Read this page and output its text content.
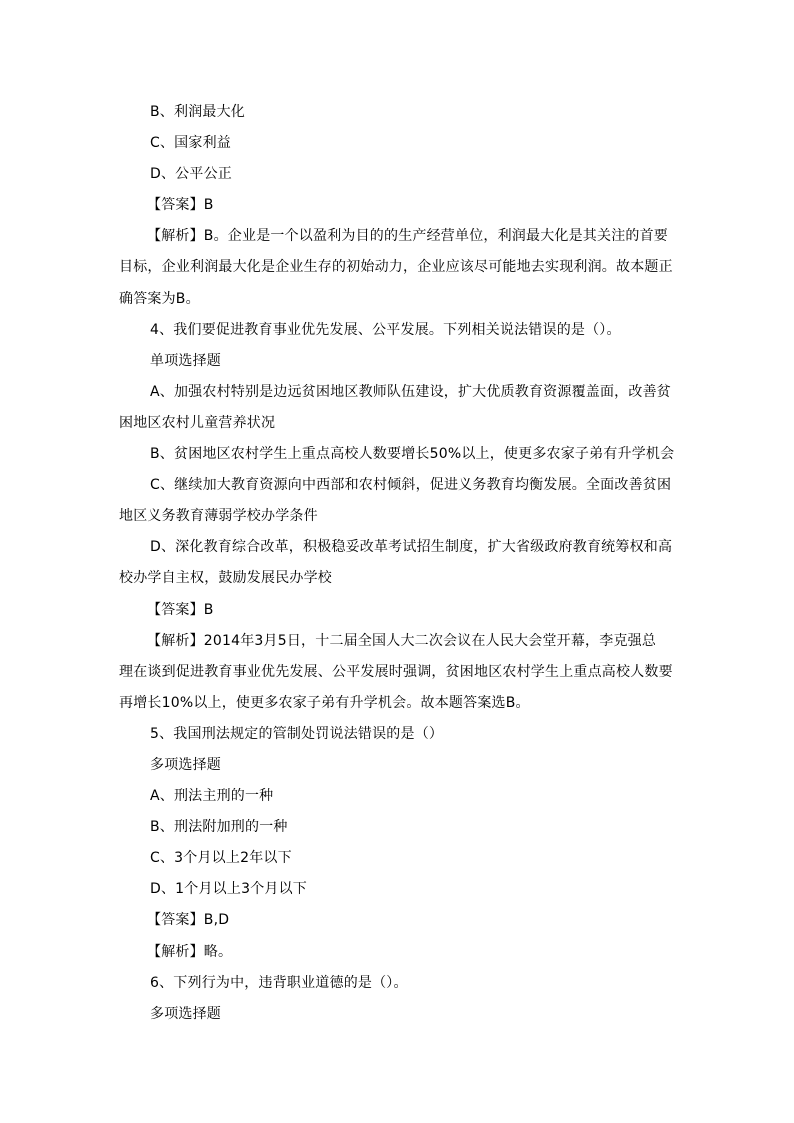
B、利润最大化
C、国家利益
D、公平公正
【答案】B
【解析】B。企业是一个以盈利为目的的生产经营单位，利润最大化是其关注的首要
目标，企业利润最大化是企业生存的初始动力，企业应该尽可能地去实现利润。故本题正
确答案为B。
4、我们要促进教育事业优先发展、公平发展。下列相关说法错误的是（）。
单项选择题
A、加强农村特别是边远贫困地区教师队伍建设，扩大优质教育资源覆盖面，改善贫
困地区农村儿童营养状况
B、贫困地区农村学生上重点高校人数要增长50%以上，使更多农家子弟有升学机会
C、继续加大教育资源向中西部和农村倾斜，促进义务教育均衡发展。全面改善贫困
地区义务教育薄弱学校办学条件
D、深化教育综合改革，积极稳妥改革考试招生制度，扩大省级政府教育统筹权和高
校办学自主权，鼓励发展民办学校
【答案】B
【解析】2014年3月5日，十二届全国人大二次会议在人民大会堂开幕，李克强总
理在谈到促进教育事业优先发展、公平发展时强调，贫困地区农村学生上重点高校人数要
再增长10%以上，使更多农家子弟有升学机会。故本题答案选B。
5、我国刑法规定的管制处罚说法错误的是（）
多项选择题
A、刑法主刑的一种
B、刑法附加刑的一种
C、3个月以上2年以下
D、1个月以上3个月以下
【答案】B,D
【解析】略。
6、下列行为中，违背职业道德的是（）。
多项选择题
